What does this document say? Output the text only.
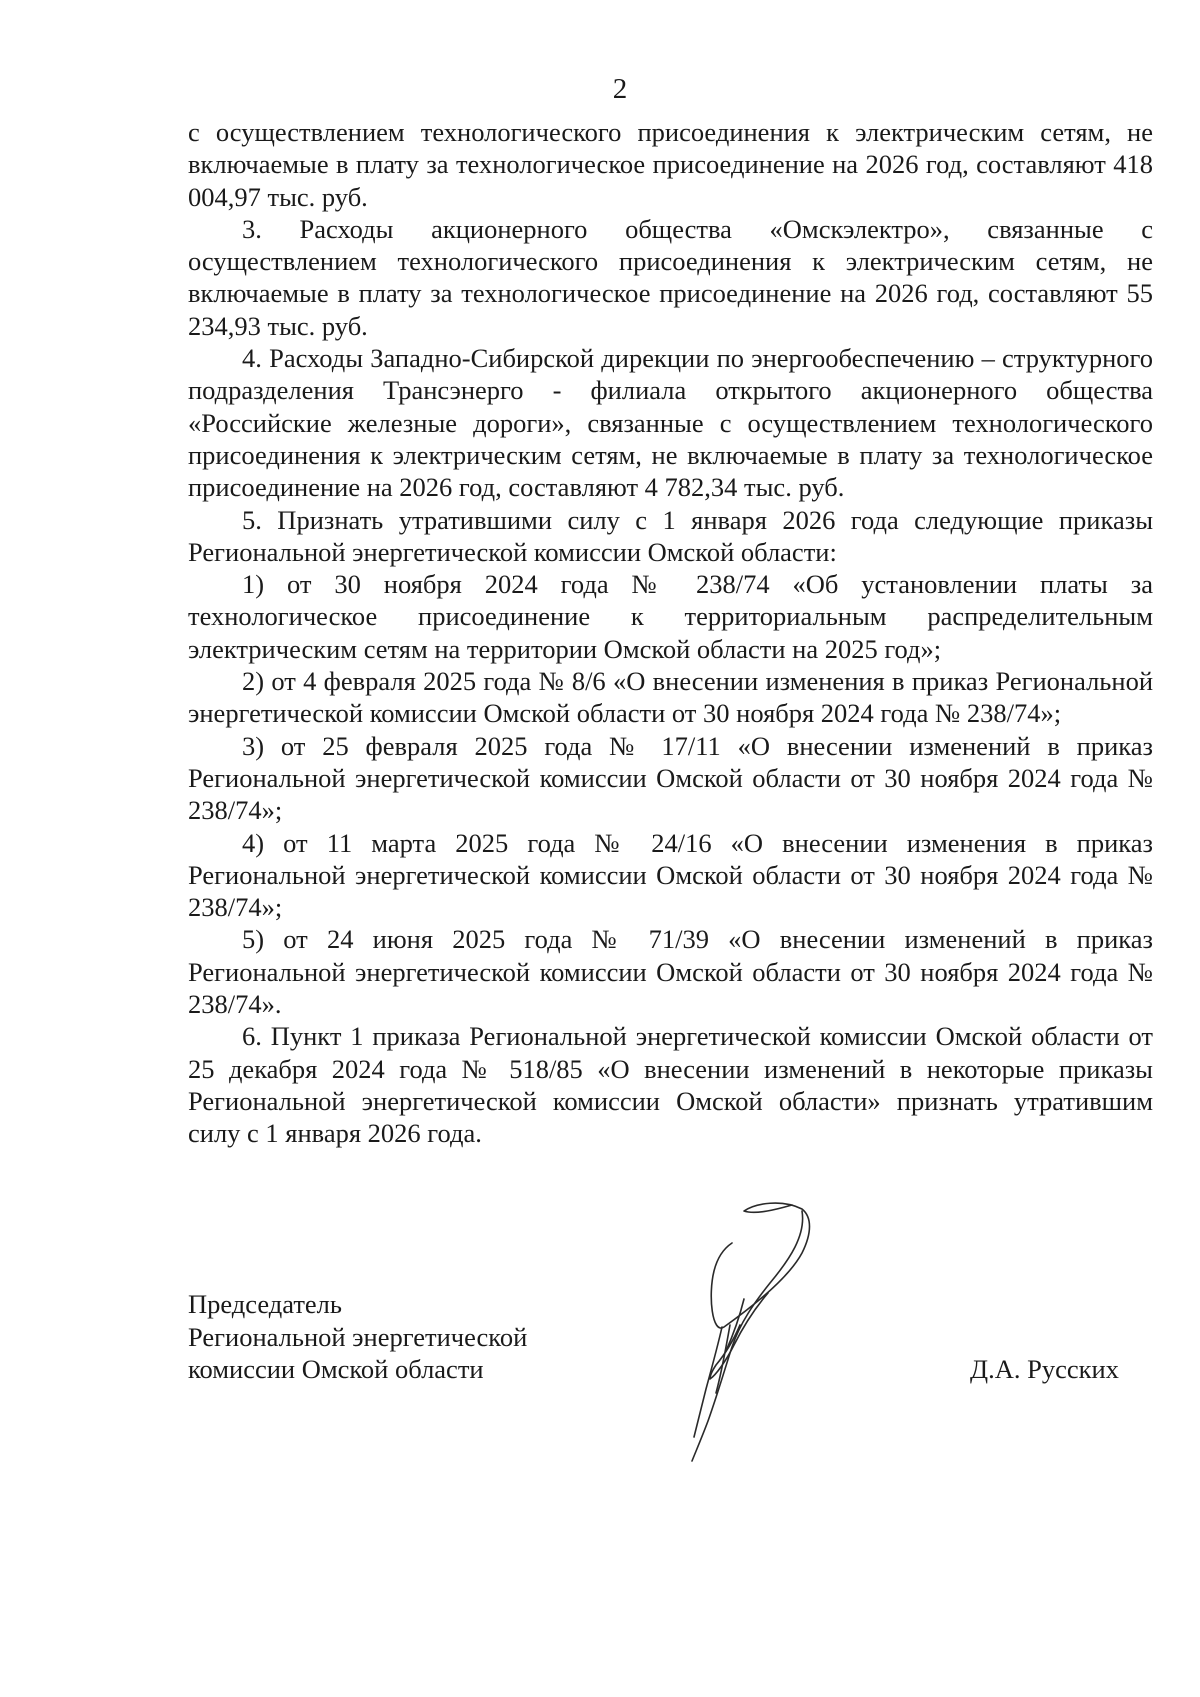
2

с осуществлением технологического присоединения к электрическим сетям, не включаемые в плату за технологическое присоединение на 2026 год, составляют 418 004,97 тыс. руб.

3. Расходы акционерного общества «Омскэлектро», связанные с осуществлением технологического присоединения к электрическим сетям, не включаемые в плату за технологическое присоединение на 2026 год, составляют 55 234,93 тыс. руб.

4. Расходы Западно-Сибирской дирекции по энергообеспечению – структурного подразделения Трансэнерго - филиала открытого акционерного общества «Российские железные дороги», связанные с осуществлением технологического присоединения к электрическим сетям, не включаемые в плату за технологическое присоединение на 2026 год, составляют 4 782,34 тыс. руб.

5. Признать утратившими силу с 1 января 2026 года следующие приказы Региональной энергетической комиссии Омской области:

1) от 30 ноября 2024 года № 238/74 «Об установлении платы за технологическое присоединение к территориальным распределительным электрическим сетям на территории Омской области на 2025 год»;

2) от 4 февраля 2025 года № 8/6 «О внесении изменения в приказ Региональной энергетической комиссии Омской области от 30 ноября 2024 года № 238/74»;

3) от 25 февраля 2025 года № 17/11 «О внесении изменений в приказ Региональной энергетической комиссии Омской области от 30 ноября 2024 года № 238/74»;

4) от 11 марта 2025 года № 24/16 «О внесении изменения в приказ Региональной энергетической комиссии Омской области от 30 ноября 2024 года № 238/74»;

5) от 24 июня 2025 года № 71/39 «О внесении изменений в приказ Региональной энергетической комиссии Омской области от 30 ноября 2024 года № 238/74».

6. Пункт 1 приказа Региональной энергетической комиссии Омской области от 25 декабря 2024 года № 518/85 «О внесении изменений в некоторые приказы Региональной энергетической комиссии Омской области» признать утратившим силу с 1 января 2026 года.

Председатель
Региональной энергетической
комиссии Омской области	Д.А. Русских
